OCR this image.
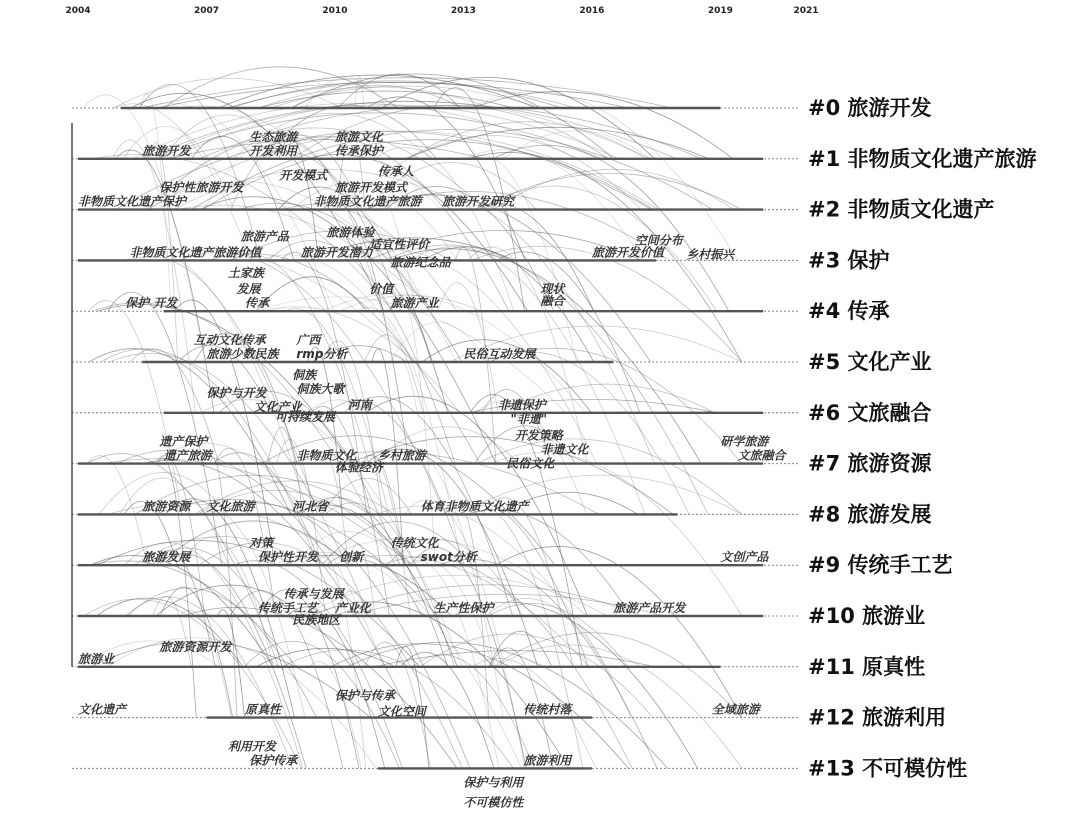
2004	2007	2010	2013	2016	2019	2021
旅游开发
生态旅游
开发利用
旅游文化
传承保护
传承人
开发模式
旅游开发模式
保护性旅游开发
非物质文化遗产保护	非物质文化遗产旅游 旅游开发研究
旅游产品	旅游体验
适宜性评价
非物质文化遗产旅游价值	旅游开发潜力
旅游纪念品
空间分布
旅游开发价值 乡村振兴
土家族
发展
传承
保护 开发
价值
旅游产业
现状
融合
互动文化传承
旅游少数民族
广西
rmp分析	民俗互动发展
侗族
保护与开发 侗族大歌
文化产业
可持续发展
河南	非遗保护
"非遗"
开发策略
非遗文化
遗产保护
遗产旅游	非物质文化 乡村旅游
体验经济	民俗文化
研学旅游
文旅融合
旅游资源 文化旅游	河北省	体育非物质文化遗产
对策
保护性开发
传统文化
旅游发展	创新	swot分析	文创产品
传承与发展
传统手工艺 产业化
民族地区
生产性保护	旅游产品开发
旅游资源开发
旅游业
保护与传承
文化遗产	原真性	文化空间	传统村落	全域旅游
利用开发
保护传承	旅游利用
保护与利用
不可模仿性
#0 旅游开发
#1 非物质文化遗产旅游
#2 非物质文化遗产
#3 保护
#4 传承
#5 文化产业
#6 文旅融合
#7 旅游资源
#8 旅游发展
#9 传统手工艺
#10 旅游业
#11 原真性
#12 旅游利用
#13 不可模仿性
